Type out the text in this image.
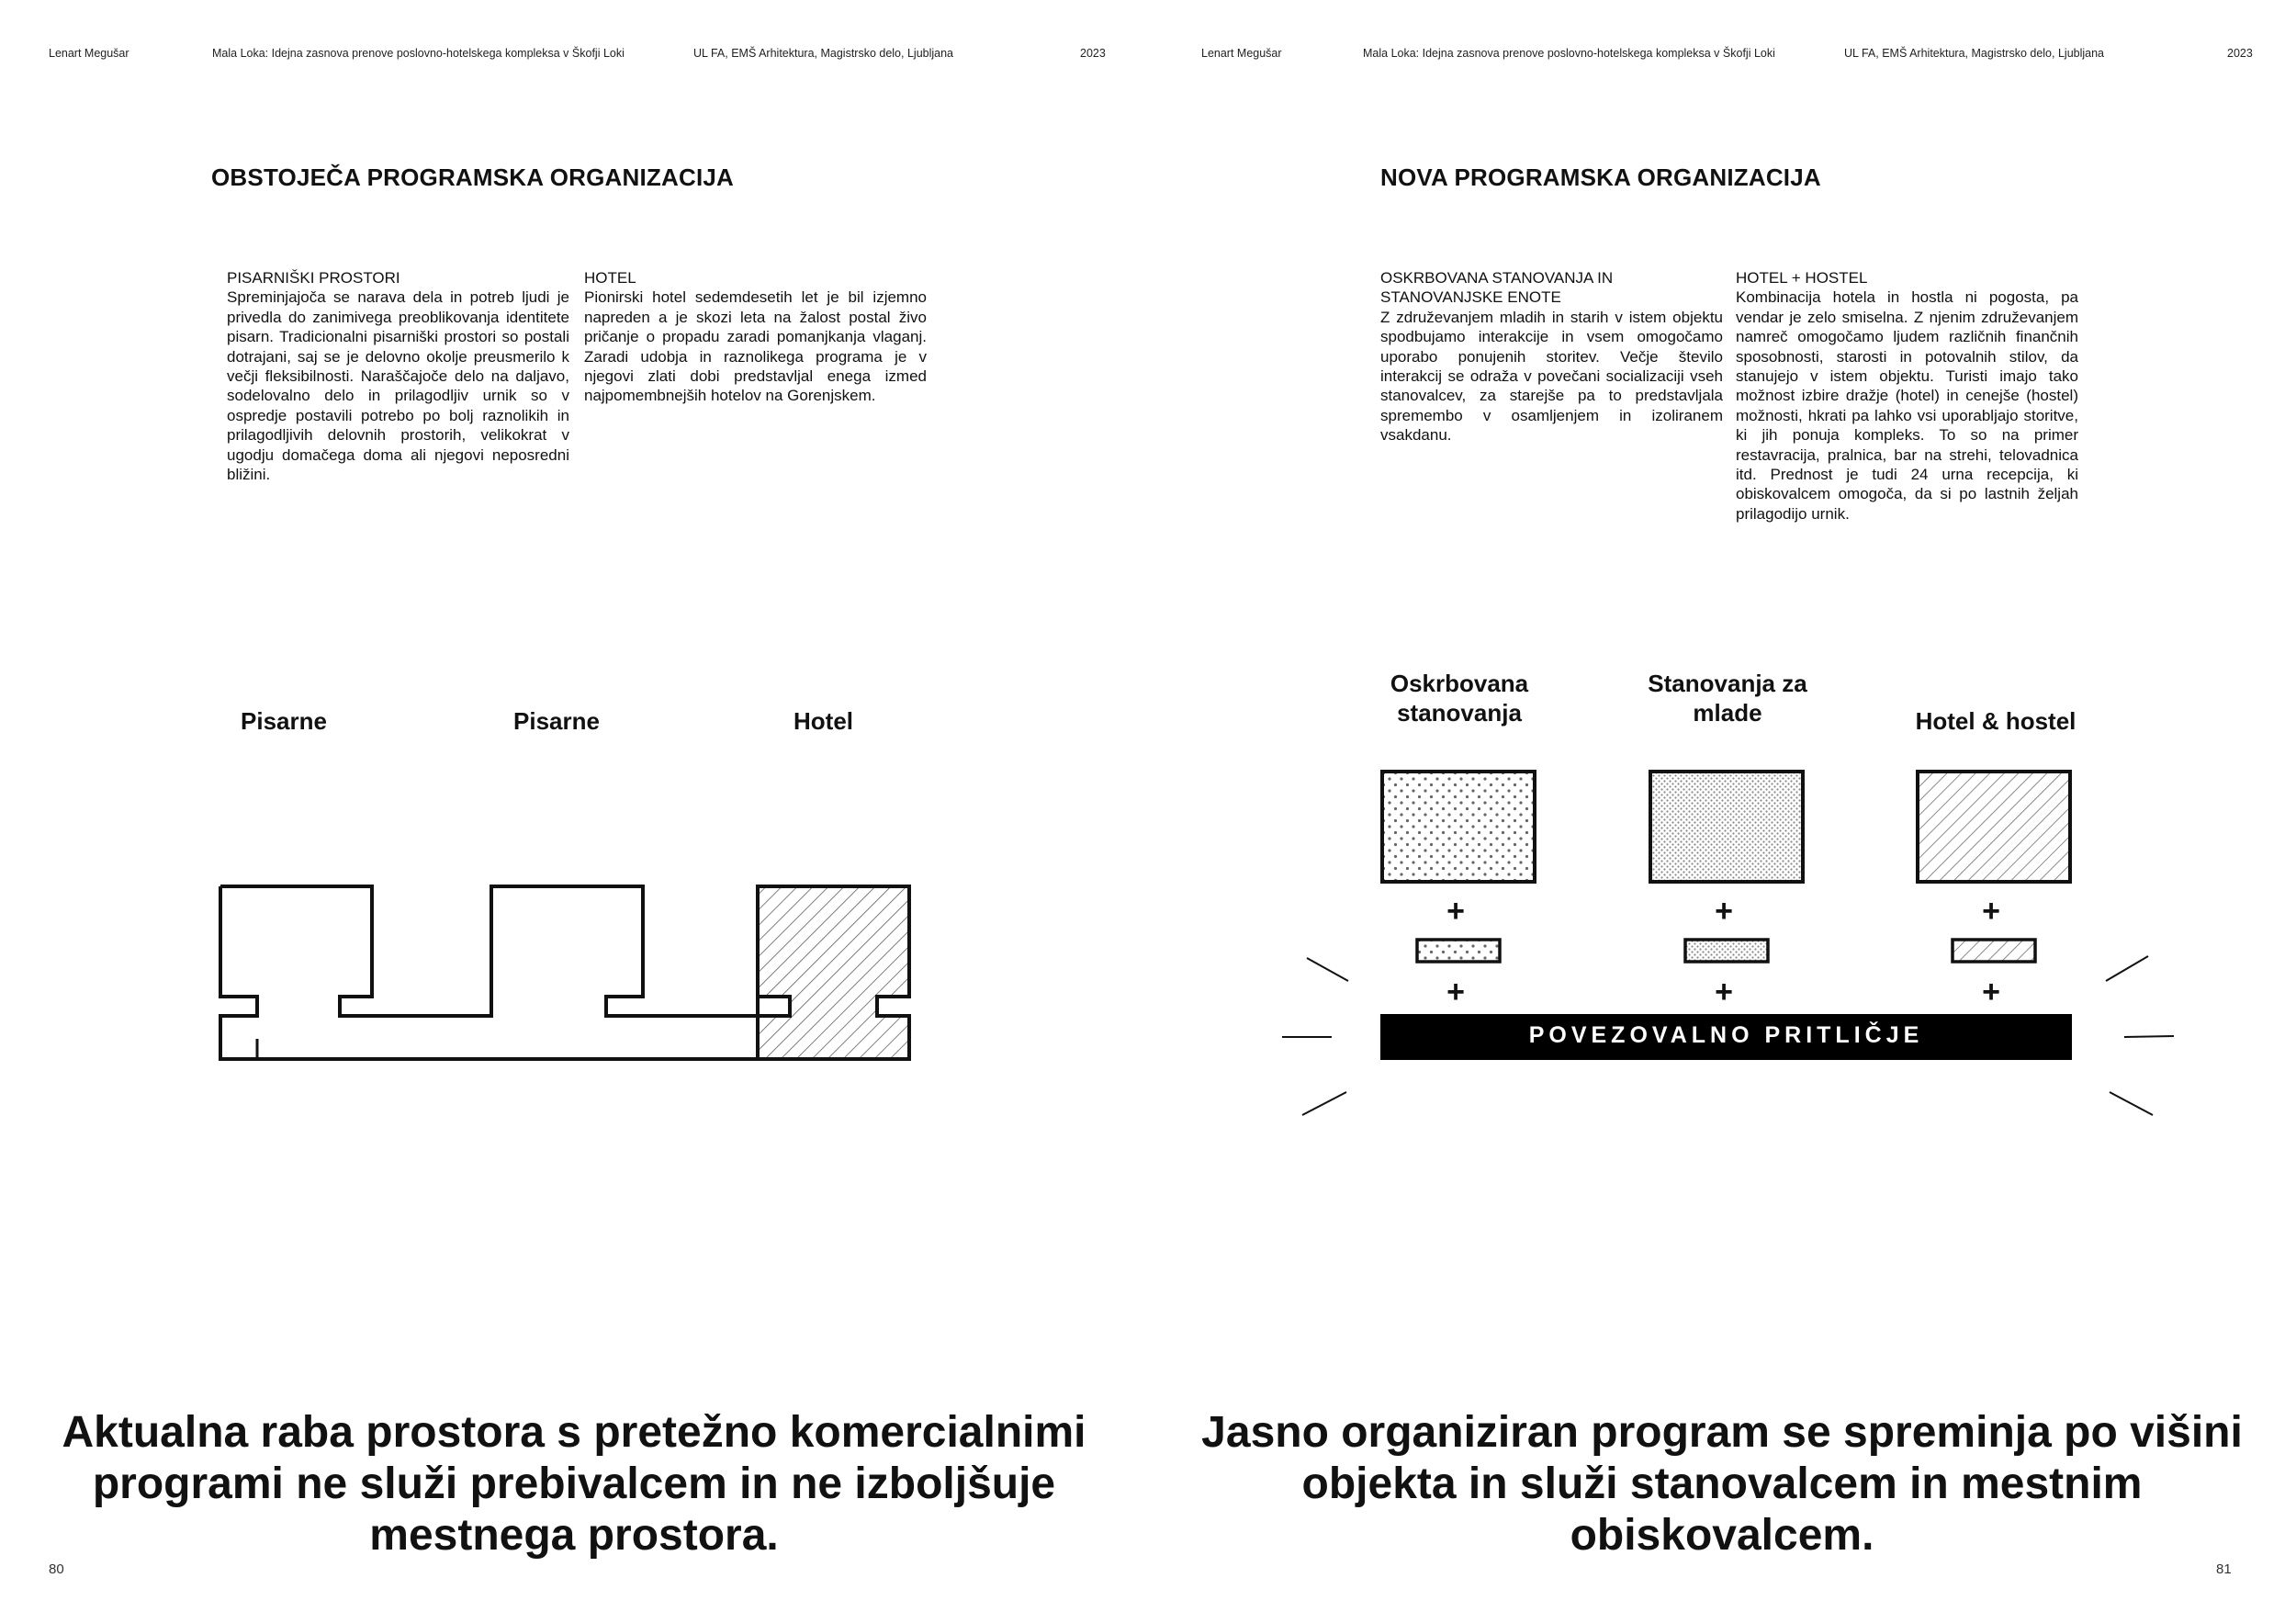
Lenart Megušar	Mala Loka: Idejna zasnova prenove poslovno-hotelskega kompleksa v Škofji Loki	UL FA, EMŠ Arhitektura, Magistrsko delo, Ljubljana	2023
OBSTOJEČA PROGRAMSKA ORGANIZACIJA
PISARNIŠKI PROSTORI

Spreminjajoča se narava dela in potreb ljudi je privedla do zanimivega preoblikovanja identitete pisarn. Tradicionalni pisarniški prostori so postali dotrajani, saj se je delovno okolje preusmerilo k večji fleksibilnosti. Naraščajoče delo na daljavo, sodelovalno delo in prilagodljiv urnik so v ospredje postavili potrebo po bolj raznolikih in prilagodljivih delovnih prostorih, velikokrat v ugodju domačega doma ali njegovi neposredni bližini.

HOTEL

Pionirski hotel sedemdesetih let je bil izjemno napreden a je skozi leta na žalost postal živo pričanje o propadu zaradi pomanjkanja vlaganj. Zaradi udobja in raznolikega programa je v njegovi zlati dobi predstavljal enega izmed najpomembnejših hotelov na Gorenjskem.

Pisarne	Pisarne	Hotel
Aktualna raba prostora s pretežno komercialnimi programi ne služi prebivalcem in ne izboljšuje mestnega prostora.
80
Lenart Megušar	Mala Loka: Idejna zasnova prenove poslovno-hotelskega kompleksa v Škofji Loki	UL FA, EMŠ Arhitektura, Magistrsko delo, Ljubljana	2023
NOVA PROGRAMSKA ORGANIZACIJA
OSKRBOVANA STANOVANJA IN STANOVANJSKE ENOTE

Z združevanjem mladih in starih v istem objektu spodbujamo interakcije in vsem omogočamo uporabo ponujenih storitev. Večje število interakcij se odraža v povečani socializaciji vseh stanovalcev, za starejše pa to predstavljala spremembo v osamljenjem in izoliranem vsakdanu.

HOTEL + HOSTEL

Kombinacija hotela in hostla ni pogosta, pa vendar je zelo smiselna. Z njenim združevanjem namreč omogočamo ljudem različnih finančnih sposobnosti, starosti in potovalnih stilov, da stanujejo v istem objektu. Turisti imajo tako možnost izbire dražje (hotel) in cenejše (hostel) možnosti, hkrati pa lahko vsi uporabljajo storitve, ki jih ponuja kompleks. To so na primer restavracija, pralnica, bar na strehi, telovadnica itd. Prednost je tudi 24 urna recepcija, ki obiskovalcem omogoča, da si po lastnih željah prilagodijo urnik.

+	+	+
+	+	+
POVEZOVALNO PRITLIČJE
Oskrbovana stanovanja
Stanovanja za mlade	Hotel & hostel
Jasno organiziran program se spreminja po višini objekta in služi stanovalcem in mestnim obiskovalcem.
81
